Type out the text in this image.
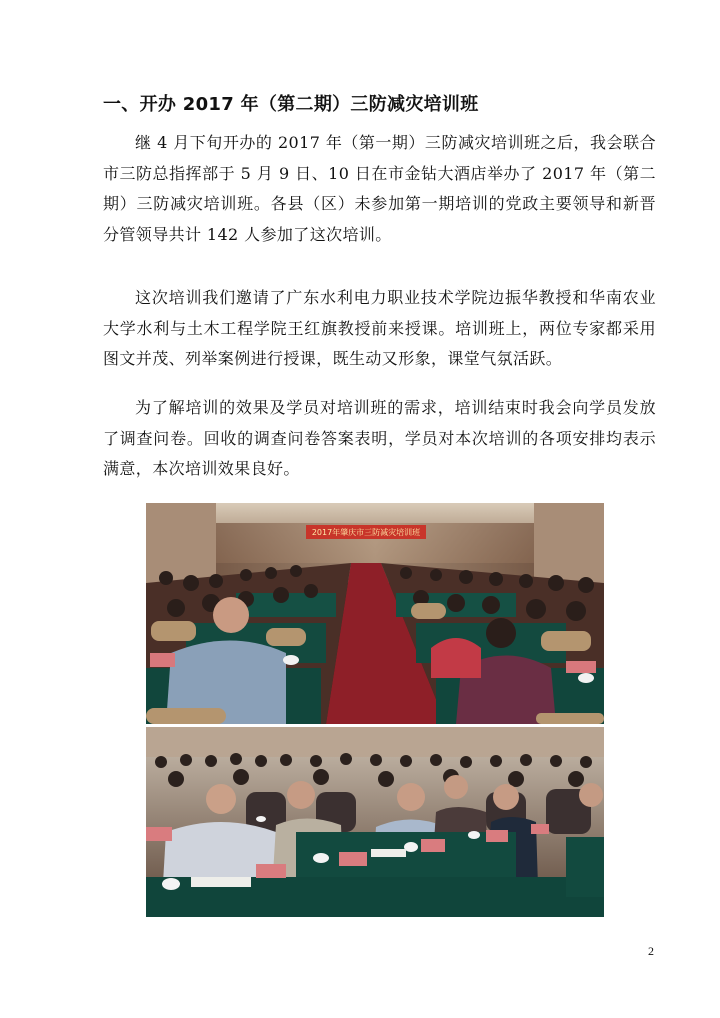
一、开办 2017 年（第二期）三防减灾培训班

继 4 月下旬开办的 2017 年（第一期）三防减灾培训班之后，我会联合市三防总指挥部于 5 月 9 日、10 日在市金钻大酒店举办了 2017 年（第二期）三防减灾培训班。各县（区）未参加第一期培训的党政主要领导和新晋分管领导共计 142 人参加了这次培训。

这次培训我们邀请了广东水利电力职业技术学院边振华教授和华南农业大学水利与土木工程学院王红旗教授前来授课。培训班上，两位专家都采用图文并茂、列举案例进行授课，既生动又形象，课堂气氛活跃。

为了解培训的效果及学员对培训班的需求，培训结束时我会向学员发放了调查问卷。回收的调查问卷答案表明，学员对本次培训的各项安排均表示满意，本次培训效果良好。

2017年肇庆市三防减灾培训班
2
